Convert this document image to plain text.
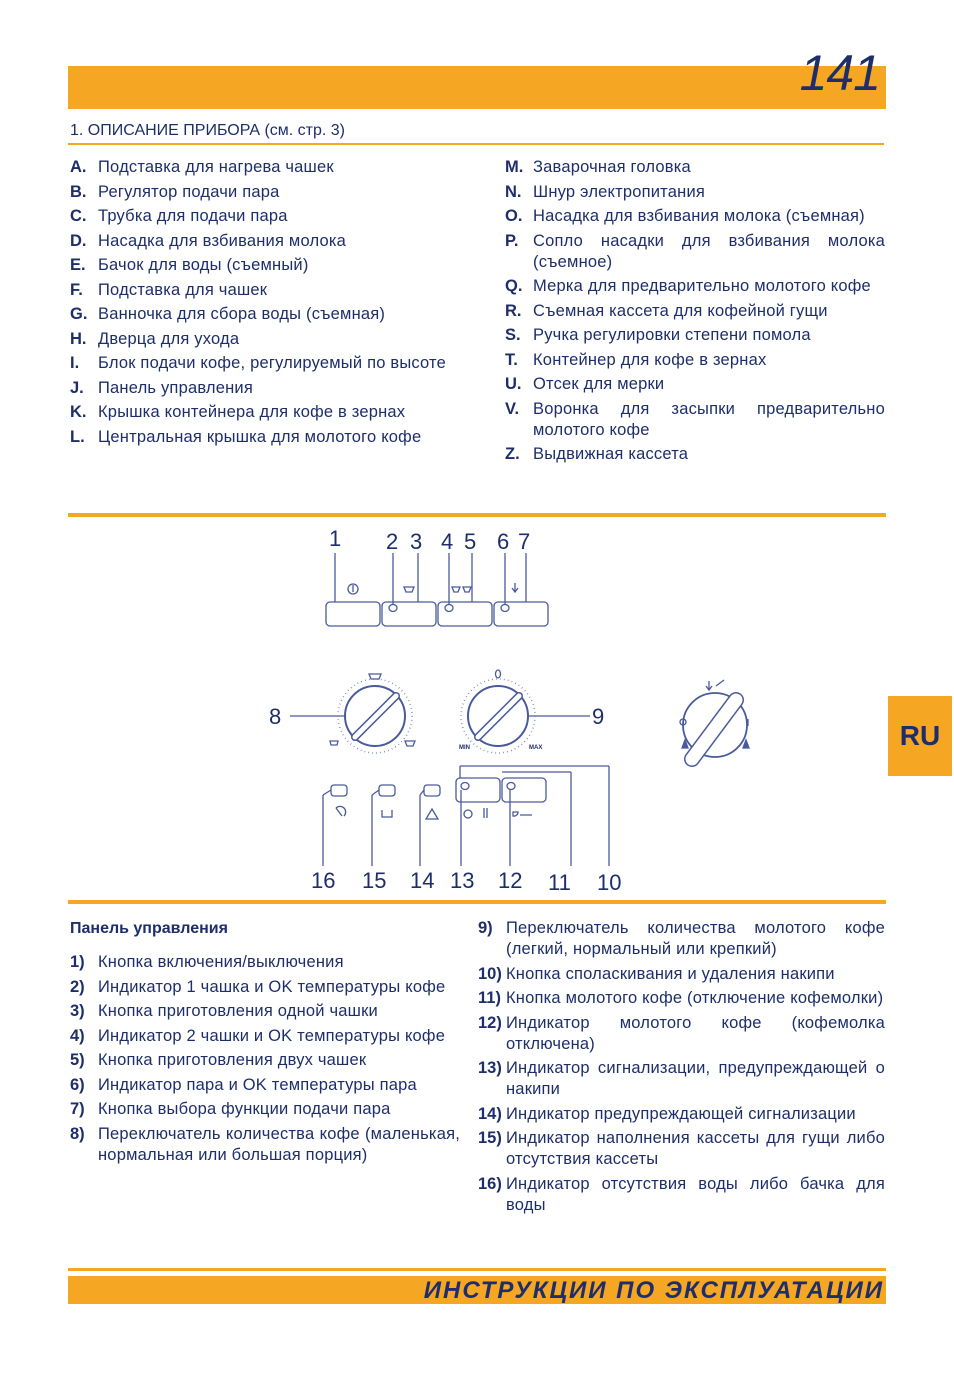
141
1. ОПИСАНИЕ ПРИБОРА (см. стр. 3)
A. Подставка для нагрева чашек
B. Регулятор подачи пара
C. Трубка для подачи пара
D. Насадка для взбивания молока
E. Бачок для воды (съемный)
F. Подставка для чашек
G. Ванночка для сбора воды (съемная)
H. Дверца для ухода
I.	Блок подачи кофе, регулируемый по высоте
J. Панель управления
K. Крышка контейнера для кофе в зернах
L. Центральная крышка для молотого кофе
M. Заварочная головка
N. Шнур электропитания
O. Насадка для взбивания молока (съемная)
P. Сопло насадки для взбивания молока (съемное)
Q. Мерка для предварительно молотого кофе
R. Съемная кассета для кофейной гущи
S. Ручка регулировки степени помола
T. Контейнер для кофе в зернах
U. Отсек для мерки
V. Воронка для засыпки предварительно молотого кофе
Z. Выдвижная кассета
1 2 3 4 5 6 7
8	9
16 15 14 13 12 11 10
MIN	MAX	RU
Панель управления
1) Кнопка включения/выключения
2) Индикатор 1 чашка и OK температуры кофе
3) Кнопка приготовления одной чашки
4) Индикатор 2 чашки и OK температуры кофе
5) Кнопка приготовления двух чашек
6) Индикатор пара и OK температуры пара
7) Кнопка выбора функции подачи пара
8) Переключатель количества кофе (маленькая, нормальная или большая порция)
9) Переключатель количества молотого кофе (легкий, нормальный или крепкий)
10) Кнопка споласкивания и удаления накипи
11) Кнопка молотого кофе (отключение кофемолки)
12) Индикатор молотого кофе (кофемолка отключена)
13) Индикатор сигнализации, предупреждающей о накипи
14) Индикатор предупреждающей сигнализации
15) Индикатор наполнения кассеты для гущи либо отсутствия кассеты
16) Индикатор отсутствия воды либо бачка для воды
ИНСТРУКЦИИ ПО ЭКСПЛУАТАЦИИ
